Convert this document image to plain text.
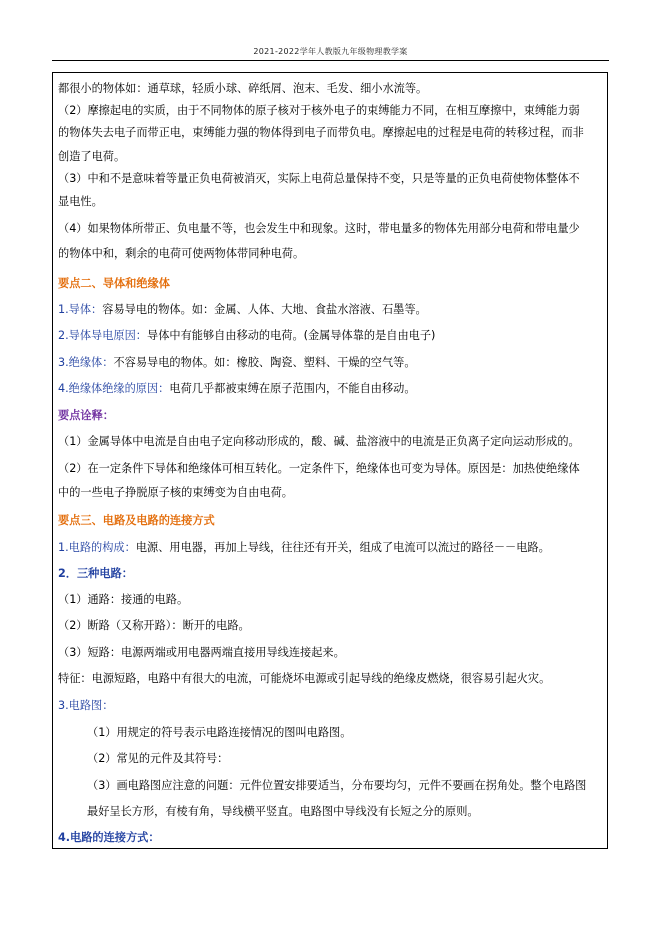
2021-2022学年人教版九年级物理教学案
都很小的物体如：通草球，轻质小球、碎纸屑、泡末、毛发、细小水流等。
（2）摩擦起电的实质，由于不同物体的原子核对于核外电子的束缚能力不同，在相互摩擦中，束缚能力弱
的物体失去电子而带正电，束缚能力强的物体得到电子而带负电。摩擦起电的过程是电荷的转移过程，而非
创造了电荷。
（3）中和不是意味着等量正负电荷被消灭，实际上电荷总量保持不变，只是等量的正负电荷使物体整体不
显电性。
（4）如果物体所带正、负电量不等，也会发生中和现象。这时，带电量多的物体先用部分电荷和带电量少
的物体中和，剩余的电荷可使两物体带同种电荷。
要点二、导体和绝缘体
1.导体：容易导电的物体。如：金属、人体、大地、食盐水溶液、石墨等。
2.导体导电原因：导体中有能够自由移动的电荷。(金属导体靠的是自由电子)
3.绝缘体：不容易导电的物体。如：橡胶、陶瓷、塑料、干燥的空气等。
4.绝缘体绝缘的原因：电荷几乎都被束缚在原子范围内，不能自由移动。
要点诠释：
（1）金属导体中电流是自由电子定向移动形成的，酸、碱、盐溶液中的电流是正负离子定向运动形成的。
（2）在一定条件下导体和绝缘体可相互转化。一定条件下，绝缘体也可变为导体。原因是：加热使绝缘体
中的一些电子挣脱原子核的束缚变为自由电荷。
要点三、电路及电路的连接方式
1.电路的构成：电源、用电器，再加上导线，往往还有开关，组成了电流可以流过的路径－－电路。
2．三种电路：
（1）通路：接通的电路。
（2）断路（又称开路）：断开的电路。
（3）短路：电源两端或用电器两端直接用导线连接起来。
特征：电源短路，电路中有很大的电流，可能烧坏电源或引起导线的绝缘皮燃烧，很容易引起火灾。
3.电路图：
（1）用规定的符号表示电路连接情况的图叫电路图。
（2）常见的元件及其符号：
（3）画电路图应注意的问题：元件位置安排要适当，分布要均匀，元件不要画在拐角处。整个电路图
最好呈长方形，有棱有角，导线横平竖直。电路图中导线没有长短之分的原则。
4.电路的连接方式：
